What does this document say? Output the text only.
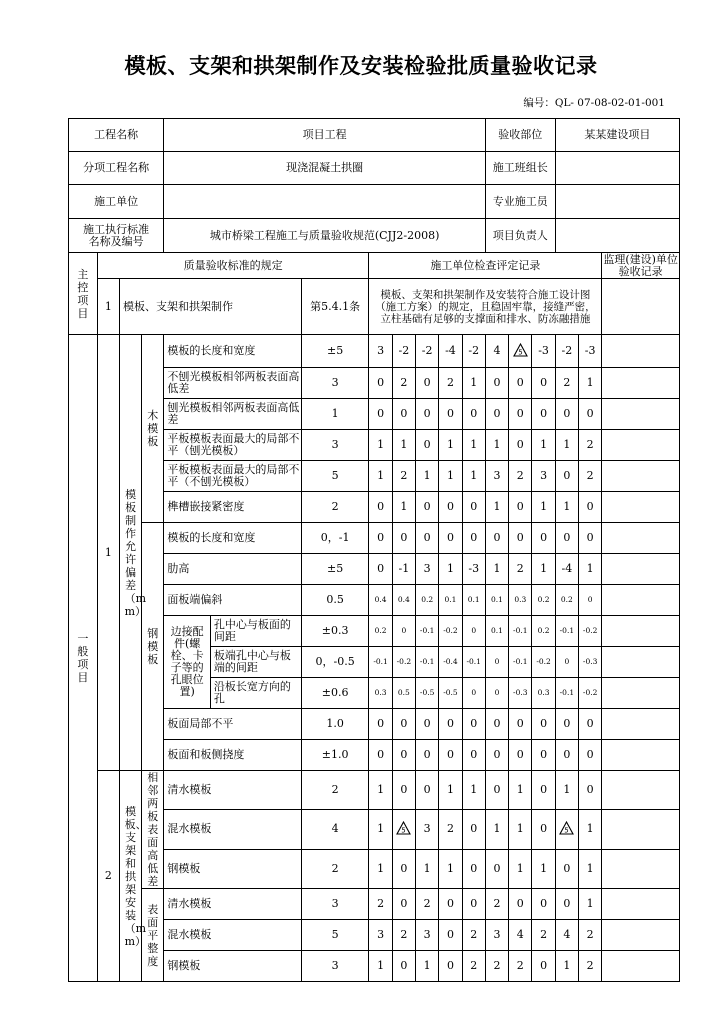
模板、支架和拱架制作及安装检验批质量验收记录
编号：QL- 07-08-02-01-001
工程名称				项目工程								验收部位			某某建设项目		
分项工程名称				现浇混凝土拱圈								施工班组长					
施工单位												专业施工员					
施工执行标准名称及编号				城市桥梁工程施工与质量验收规范(CJJ2-2008)								项目负责人					
主控项目	质量验收标准的规定						施工单位检查评定记录										监理(建设)单位验收记录
	1	模板、支架和拱架制作				第5.4.1条	模板、支架和拱架制作及安装符合施工设计图（施工方案）的规定，且稳固牢靠，接缝严密，立柱基础有足够的支撑面和排水、防冻融措施										
一般项目	1	模板制作允许偏差（mm）	木模板	模板的长度和宽度		±5	3	-2	-2	-4	-2	4	5	-3	-2	-3	
				不刨光模板相邻两板表面高低差		3	0	2	0	2	1	0	0	0	2	1	
				刨光模板相邻两板表面高低差		1	0	0	0	0	0	0	0	0	0	0	
				平板模板表面最大的局部不平（刨光模板）		3	1	1	0	1	1	1	0	1	1	2	
				平板模板表面最大的局部不平（不刨光模板）		5	1	2	1	1	1	3	2	3	0	2	
				榫槽嵌接紧密度		2	0	1	0	0	0	1	0	1	1	0	
			钢模板	模板的长度和宽度		0，-1	0	0	0	0	0	0	0	0	0	0	
				肋高		±5	0	-1	3	1	-3	1	2	1	-4	1	
				面板端偏斜		0.5	0.4	0.4	0.2	0.1	0.1	0.1	0.3	0.2	0.2	0	
				边接配件(螺栓、卡子等的孔眼位置)	孔中心与板面的间距	±0.3	0.2	0	-0.1	-0.2	0	0.1	-0.1	0.2	-0.1	-0.2	
					板端孔中心与板端的间距	0，-0.5	-0.1	-0.2	-0.1	-0.4	-0.1	0	-0.1	-0.2	0	-0.3	
					沿板长宽方向的孔	±0.6	0.3	0.5	-0.5	-0.5	0	0	-0.3	0.3	-0.1	-0.2	
				板面局部不平		1.0	0	0	0	0	0	0	0	0	0	0	
				板面和板侧挠度		±1.0	0	0	0	0	0	0	0	0	0	0	
	2	模板、支架和拱架安装（mm）	相邻两板表面高低差	清水模板		2	1	0	0	1	1	0	1	0	1	0	
				混水模板		4	1	5	3	2	0	1	1	0	5	1	
				钢模板		2	1	0	1	1	0	0	1	1	0	1	
			表面平整度	清水模板		3	2	0	2	0	0	2	0	0	0	1	
				混水模板		5	3	2	3	0	2	3	4	2	4	2	
				钢模板		3	1	0	1	0	2	2	2	0	1	2	
